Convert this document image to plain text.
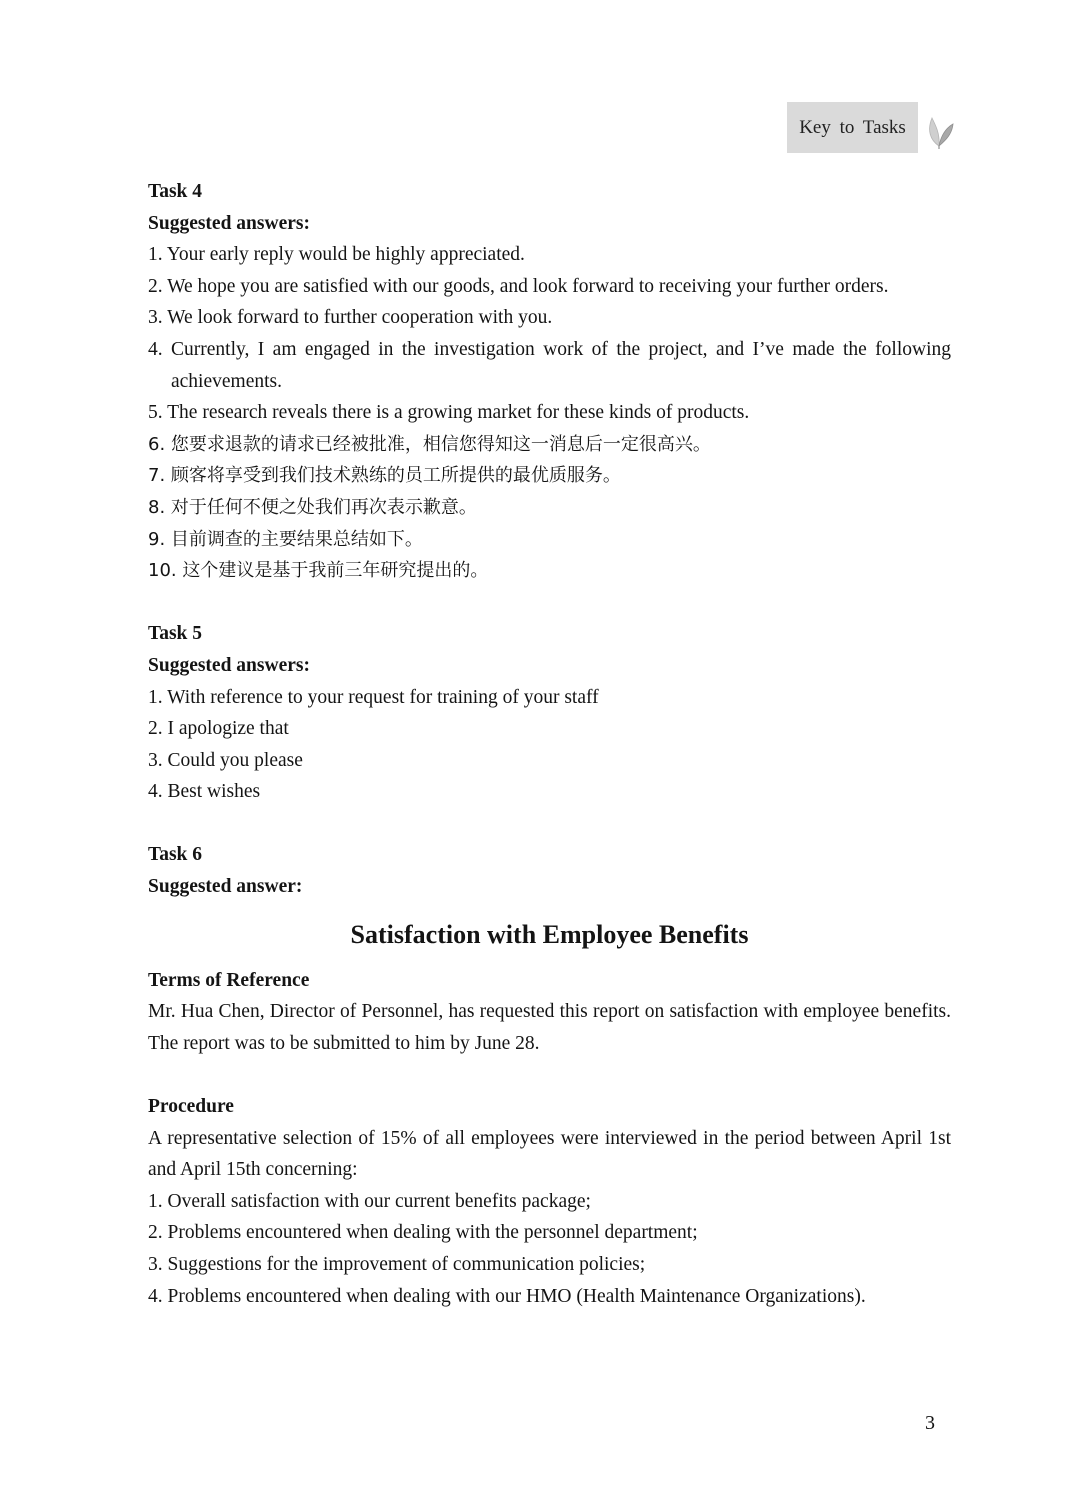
Key to Tasks
Task 4
Suggested answers:
1. Your early reply would be highly appreciated.
2. We hope you are satisfied with our goods, and look forward to receiving your further orders.
3. We look forward to further cooperation with you.
4. Currently, I am engaged in the investigation work of the project, and I’ve made the following achievements.
5. The research reveals there is a growing market for these kinds of products.
6. 您要求退款的请求已经被批准，相信您得知这一消息后一定很高兴。
7. 顾客将享受到我们技术熟练的员工所提供的最优质服务。
8. 对于任何不便之处我们再次表示歉意。
9. 目前调查的主要结果总结如下。
10. 这个建议是基于我前三年研究提出的。
Task 5
Suggested answers:
1. With reference to your request for training of your staff
2. I apologize that
3. Could you please
4. Best wishes
Task 6
Suggested answer:
Satisfaction with Employee Benefits
Terms of Reference
Mr. Hua Chen, Director of Personnel, has requested this report on satisfaction with employee benefits. The report was to be submitted to him by June 28.
Procedure
A representative selection of 15% of all employees were interviewed in the period between April 1st and April 15th concerning:
1. Overall satisfaction with our current benefits package;
2. Problems encountered when dealing with the personnel department;
3. Suggestions for the improvement of communication policies;
4. Problems encountered when dealing with our HMO (Health Maintenance Organizations).
3
